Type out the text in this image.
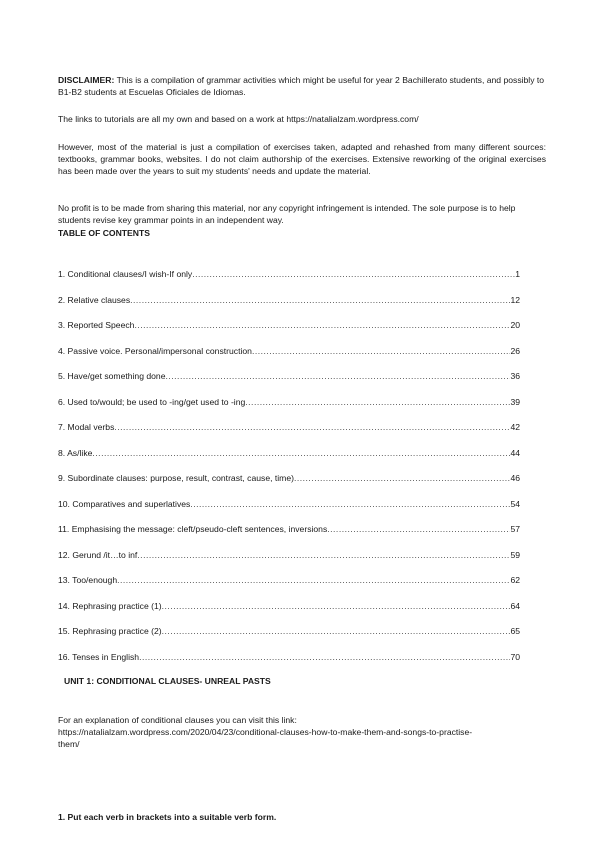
DISCLAIMER: This is a compilation of grammar activities which might be useful for year 2 Bachillerato students, and possibly to B1-B2 students at Escuelas Oficiales de Idiomas.

The links to tutorials are all my own and based on a work at https://natalialzam.wordpress.com/

However, most of the material is just a compilation of exercises taken, adapted and rehashed from many different sources: textbooks, grammar books, websites. I do not claim authorship of the exercises. Extensive reworking of the original exercises has been made over the years to suit my students' needs and update the material.

No profit is to be made from sharing this material, nor any copyright infringement is intended. The sole purpose is to help students revise key grammar points in an independent way.

TABLE OF CONTENTS
1. Conditional clauses/I wish-If only .....	1
2. Relative clauses .....	12
3. Reported Speech .....	20
4. Passive voice. Personal/impersonal construction .....	26
5. Have/get something done .....	36
6. Used to/would; be used to -ing/get used to -ing .....	39
7. Modal verbs .....	42
8. As/like .....	44
9. Subordinate clauses: purpose, result, contrast, cause, time) .....	46
10. Comparatives and superlatives .....	54
11. Emphasising the message: cleft/pseudo-cleft sentences, inversions .....	57
12. Gerund /it…to inf .....	59
13. Too/enough .....	62
14. Rephrasing practice (1) .....	64
15. Rephrasing practice (2) .....	65
16. Tenses in English .....	70
UNIT 1: CONDITIONAL CLAUSES- UNREAL PASTS

For an explanation of conditional clauses you can visit this link: https://natalialzam.wordpress.com/2020/04/23/conditional-clauses-how-to-make-them-and-songs-to-practise-them/

1. Put each verb in brackets into a suitable verb form.
